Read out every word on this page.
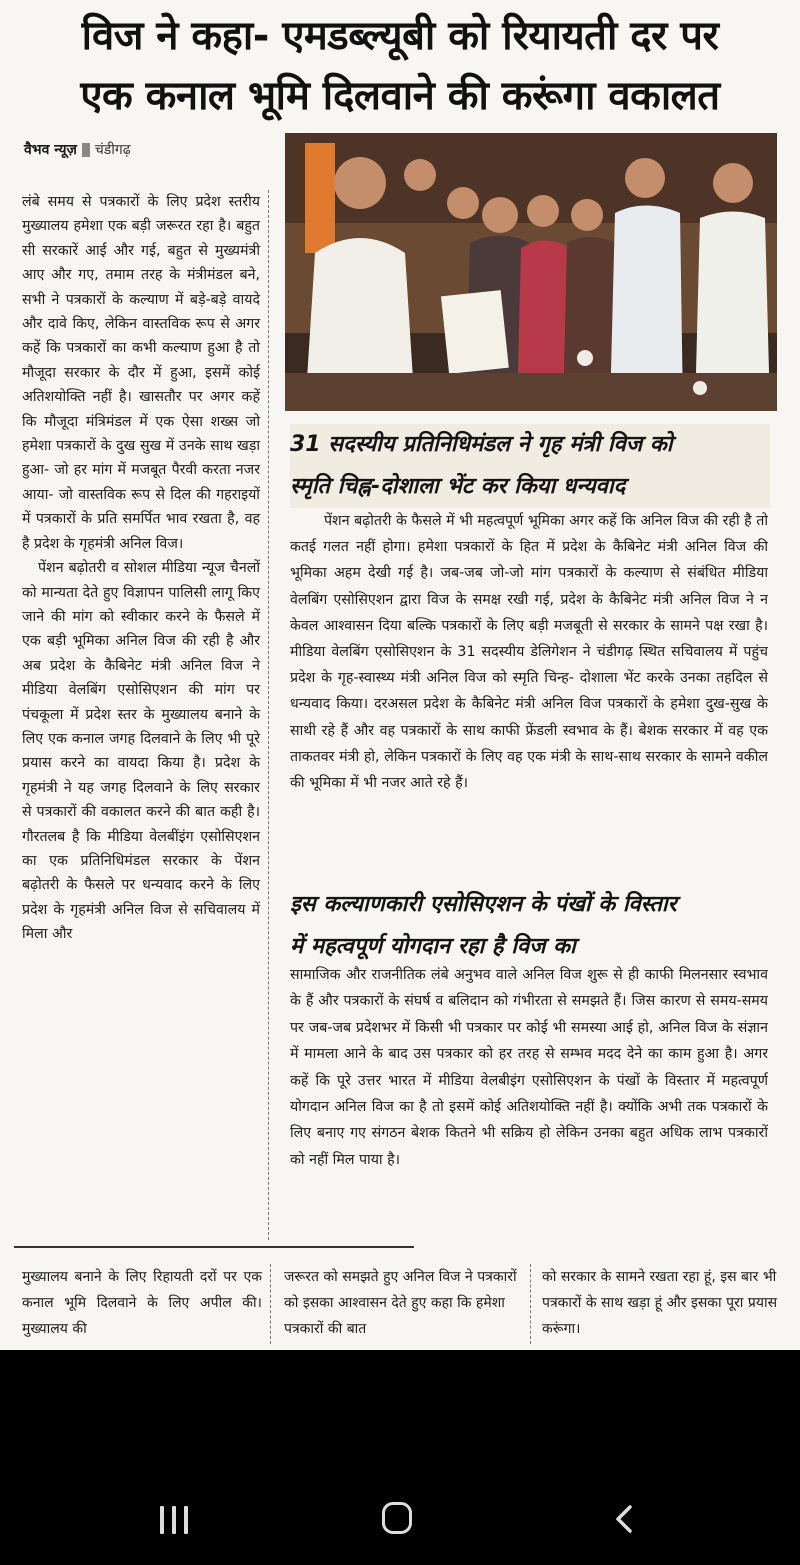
विज ने कहा- एमडब्ल्यूबी को रियायती दर पर
एक कनाल भूमि दिलवाने की करूंगा वकालत
वैभव न्यूज़ चंडीगढ़

लंबे समय से पत्रकारों के लिए प्रदेश स्तरीय मुख्यालय हमेशा एक बड़ी जरूरत रहा है। बहुत सी सरकारें आई और गई, बहुत से मुख्यमंत्री आए और गए, तमाम तरह के मंत्रीमंडल बने, सभी ने पत्रकारों के कल्याण में बड़े-बड़े वायदे और दावे किए, लेकिन वास्तविक रूप से अगर कहें कि पत्रकारों का कभी कल्याण हुआ है तो मौजूदा सरकार के दौर में हुआ, इसमें कोई अतिशयोक्ति नहीं है। खासतौर पर अगर कहें कि मौजूदा मंत्रिमंडल में एक ऐसा शख्स जो हमेशा पत्रकारों के दुख सुख में उनके साथ खड़ा हुआ- जो हर मांग में मजबूत पैरवी करता नजर आया- जो वास्तविक रूप से दिल की गहराइयों में पत्रकारों के प्रति समर्पित भाव रखता है, वह है प्रदेश के गृहमंत्री अनिल विज।

पेंशन बढ़ोतरी व सोशल मीडिया न्यूज चैनलों को मान्यता देते हुए विज्ञापन पालिसी लागू किए जाने की मांग को स्वीकार करने के फैसले में एक बड़ी भूमिका अनिल विज की रही है और अब प्रदेश के कैबिनेट मंत्री अनिल विज ने मीडिया वेलबिंग एसोसिएशन की मांग पर पंचकूला में प्रदेश स्तर के मुख्यालय बनाने के लिए एक कनाल जगह दिलवाने के लिए भी पूरे प्रयास करने का वायदा किया है। प्रदेश के गृहमंत्री ने यह जगह दिलवाने के लिए सरकार से पत्रकारों की वकालत करने की बात कही है। गौरतलब है कि मीडिया वेलबींइंग एसोसिएशन का एक प्रतिनिधिमंडल सरकार के पेंशन बढ़ोतरी के फैसले पर धन्यवाद करने के लिए प्रदेश के गृहमंत्री अनिल विज से सचिवालय में मिला और

31 सदस्यीय प्रतिनिधिमंडल ने गृह मंत्री विज को
स्मृति चिह्न-दोशाला भेंट कर किया धन्यवाद

पेंशन बढ़ोतरी के फैसले में भी महत्वपूर्ण भूमिका अगर कहें कि अनिल विज की रही है तो कतई गलत नहीं होगा। हमेशा पत्रकारों के हित में प्रदेश के कैबिनेट मंत्री अनिल विज की भूमिका अहम देखी गई है। जब-जब जो-जो मांग पत्रकारों के कल्याण से संबंधित मीडिया वेलबिंग एसोसिएशन द्वारा विज के समक्ष रखी गई, प्रदेश के कैबिनेट मंत्री अनिल विज ने न केवल आश्वासन दिया बल्कि पत्रकारों के लिए बड़ी मजबूती से सरकार के सामने पक्ष रखा है। मीडिया वेलबिंग एसोसिएशन के 31 सदस्यीय डेलिगेशन ने चंडीगढ़ स्थित सचिवालय में पहुंच प्रदेश के गृह-स्वास्थ्य मंत्री अनिल विज को स्मृति चिन्ह- दोशाला भेंट करके उनका तहदिल से धन्यवाद किया। दरअसल प्रदेश के कैबिनेट मंत्री अनिल विज पत्रकारों के हमेशा दुख-सुख के साथी रहे हैं और वह पत्रकारों के साथ काफी फ्रेंडली स्वभाव के हैं। बेशक सरकार में वह एक ताकतवर मंत्री हो, लेकिन पत्रकारों के लिए वह एक मंत्री के साथ-साथ सरकार के सामने वकील की भूमिका में भी नजर आते रहे हैं।

इस कल्याणकारी एसोसिएशन के पंखों के विस्तार
में महत्वपूर्ण योगदान रहा है विज का

सामाजिक और राजनीतिक लंबे अनुभव वाले अनिल विज शुरू से ही काफी मिलनसार स्वभाव के हैं और पत्रकारों के संघर्ष व बलिदान को गंभीरता से समझते हैं। जिस कारण से समय-समय पर जब-जब प्रदेशभर में किसी भी पत्रकार पर कोई भी समस्या आई हो, अनिल विज के संज्ञान में मामला आने के बाद उस पत्रकार को हर तरह से सम्भव मदद देने का काम हुआ है। अगर कहें कि पूरे उत्तर भारत में मीडिया वेलबीइंग एसोसिएशन के पंखों के विस्तार में महत्वपूर्ण योगदान अनिल विज का है तो इसमें कोई अतिशयोक्ति नहीं है। क्योंकि अभी तक पत्रकारों के लिए बनाए गए संगठन बेशक कितने भी सक्रिय हो लेकिन उनका बहुत अधिक लाभ पत्रकारों को नहीं मिल पाया है।

मुख्यालय बनाने के लिए रिहायती दरों पर एक कनाल भूमि दिलवाने के लिए अपील की। मुख्यालय की

जरूरत को समझते हुए अनिल विज ने पत्रकारों को इसका आश्वासन देते हुए कहा कि हमेशा पत्रकारों की बात

को सरकार के सामने रखता रहा हूं, इस बार भी पत्रकारों के साथ खड़ा हूं और इसका पूरा प्रयास करूंगा।
